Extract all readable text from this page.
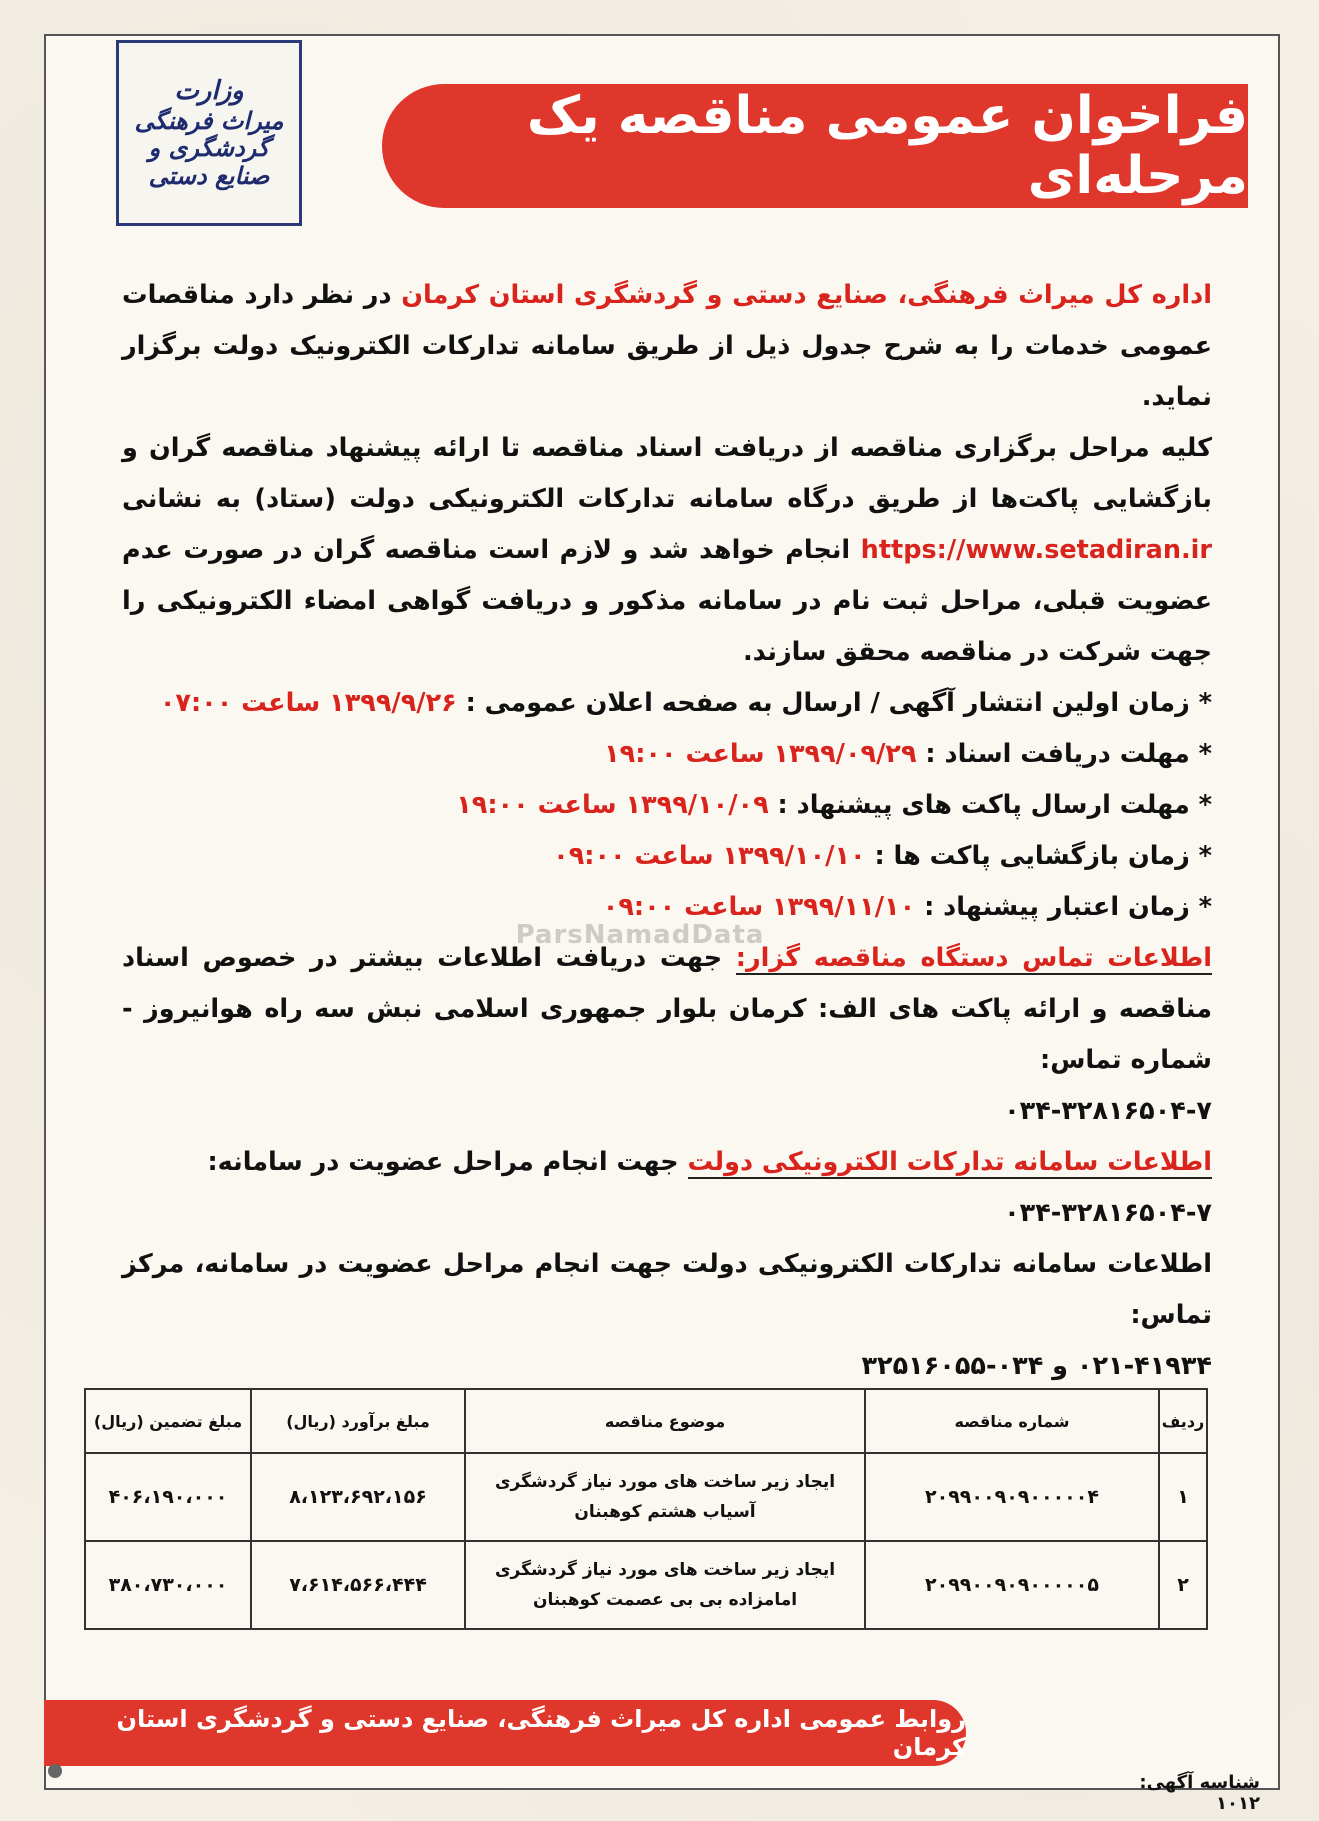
وزارت
میراث فرهنگی
گردشگری و صنایع دستی
فراخوان عمومی مناقصه یک مرحله‌ای
ParsNamadData

اداره کل میراث فرهنگی، صنایع دستی و گردشگری استان کرمان در نظر دارد مناقصات عمومی خدمات را به شرح جدول ذیل از طریق سامانه تدارکات الکترونیک دولت برگزار نماید.

کلیه مراحل برگزاری مناقصه از دریافت اسناد مناقصه تا ارائه پیشنهاد مناقصه گران و بازگشایی پاکت‌ها از طریق درگاه سامانه تدارکات الکترونیکی دولت (ستاد) به نشانی https://www.setadiran.ir انجام خواهد شد و لازم است مناقصه گران در صورت عدم عضویت قبلی، مراحل ثبت نام در سامانه مذکور و دریافت گواهی امضاء الکترونیکی را جهت شرکت در مناقصه محقق سازند.

* زمان اولین انتشار آگهی / ارسال به صفحه اعلان عمومی : ۱۳۹۹/۹/۲۶ ساعت ۰۷:۰۰

* مهلت دریافت اسناد : ۱۳۹۹/۰۹/۲۹ ساعت ۱۹:۰۰

* مهلت ارسال پاکت های پیشنهاد : ۱۳۹۹/۱۰/۰۹ ساعت ۱۹:۰۰

* زمان بازگشایی پاکت ها : ۱۳۹۹/۱۰/۱۰ ساعت ۰۹:۰۰

* زمان اعتبار پیشنهاد : ۱۳۹۹/۱۱/۱۰ ساعت ۰۹:۰۰

اطلاعات تماس دستگاه مناقصه گزار: جهت دریافت اطلاعات بیشتر در خصوص اسناد مناقصه و ارائه پاکت های الف: کرمان بلوار جمهوری اسلامی نبش سه راه هوانیروز - شماره تماس:

۰۳۴-۳۲۸۱۶۵۰۴-۷

اطلاعات سامانه تدارکات الکترونیکی دولت جهت انجام مراحل عضویت در سامانه:

۰۳۴-۳۲۸۱۶۵۰۴-۷

اطلاعات سامانه تدارکات الکترونیکی دولت جهت انجام مراحل عضویت در سامانه، مرکز تماس:

۰۲۱-۴۱۹۳۴ و ۰۳۴-۳۲۵۱۶۰۵۵

ردیف	شماره مناقصه	موضوع مناقصه	مبلغ برآورد (ریال)	مبلغ تضمین (ریال)
۱	۲۰۹۹۰۰۹۰۹۰۰۰۰۰۴	ایجاد زیر ساخت های مورد نیاز گردشگری
آسیاب هشتم کوهبنان	۸،۱۲۳،۶۹۲،۱۵۶	۴۰۶،۱۹۰،۰۰۰
۲	۲۰۹۹۰۰۹۰۹۰۰۰۰۰۵	ایجاد زیر ساخت های مورد نیاز گردشگری
امامزاده بی بی عصمت کوهبنان	۷،۶۱۴،۵۶۶،۴۴۴	۳۸۰،۷۳۰،۰۰۰
روابط عمومی اداره کل میراث فرهنگی، صنایع دستی و گردشگری استان کرمان
شناسه آگهی: ۱۰۱۲
